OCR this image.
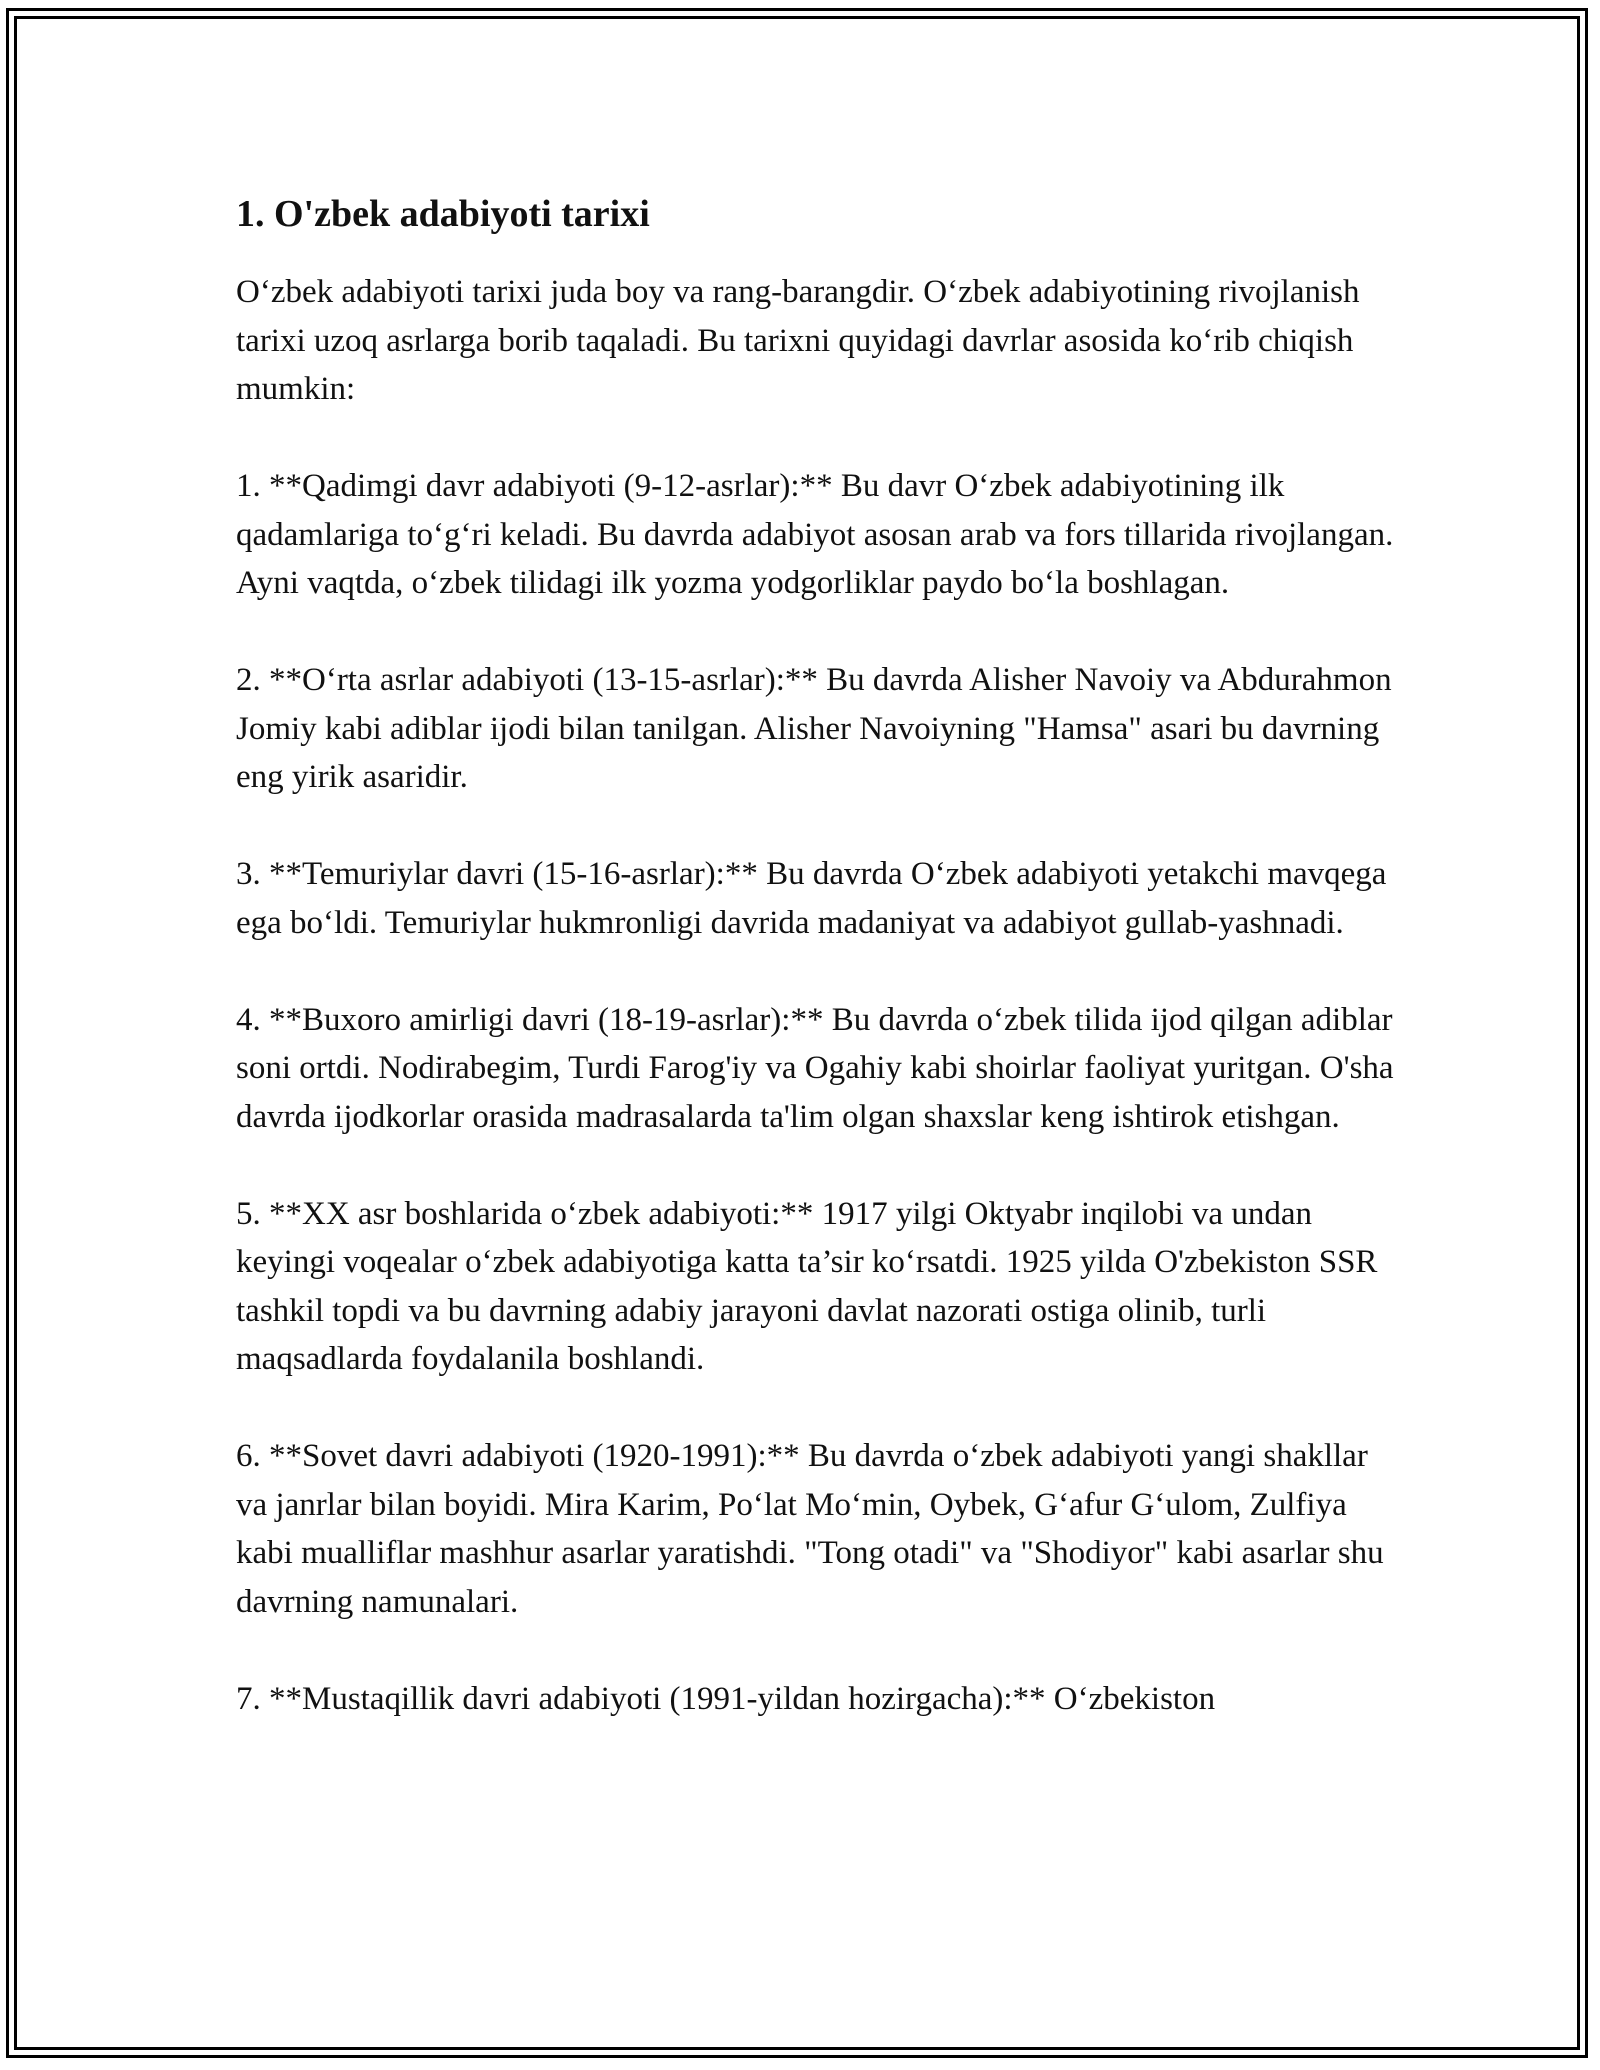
1. O'zbek adabiyoti tarixi

O‘zbek adabiyoti tarixi juda boy va rang-barangdir. O‘zbek adabiyotining rivojlanish tarixi uzoq asrlarga borib taqaladi. Bu tarixni quyidagi davrlar asosida ko‘rib chiqish mumkin:

1. **Qadimgi davr adabiyoti (9-12-asrlar):** Bu davr O‘zbek adabiyotining ilk qadamlariga to‘g‘ri keladi. Bu davrda adabiyot asosan arab va fors tillarida rivojlangan. Ayni vaqtda, o‘zbek tilidagi ilk yozma yodgorliklar paydo bo‘la boshlagan.

2. **O‘rta asrlar adabiyoti (13-15-asrlar):** Bu davrda Alisher Navoiy va Abdurahmon Jomiy kabi adiblar ijodi bilan tanilgan. Alisher Navoiyning "Hamsa" asari bu davrning eng yirik asaridir.

3. **Temuriylar davri (15-16-asrlar):** Bu davrda O‘zbek adabiyoti yetakchi mavqega ega bo‘ldi. Temuriylar hukmronligi davrida madaniyat va adabiyot gullab-yashnadi.

4. **Buxoro amirligi davri (18-19-asrlar):** Bu davrda o‘zbek tilida ijod qilgan adiblar soni ortdi. Nodirabegim, Turdi Farog'iy va Ogahiy kabi shoirlar faoliyat yuritgan. O'sha davrda ijodkorlar orasida madrasalarda ta'lim olgan shaxslar keng ishtirok etishgan.

5. **XX asr boshlarida o‘zbek adabiyoti:** 1917 yilgi Oktyabr inqilobi va undan keyingi voqealar o‘zbek adabiyotiga katta ta’sir ko‘rsatdi. 1925 yilda O'zbekiston SSR tashkil topdi va bu davrning adabiy jarayoni davlat nazorati ostiga olinib, turli maqsadlarda foydalanila boshlandi.

6. **Sovet davri adabiyoti (1920-1991):** Bu davrda o‘zbek adabiyoti yangi shakllar va janrlar bilan boyidi. Mira Karim, Po‘lat Mo‘min, Oybek, G‘afur G‘ulom, Zulfiya kabi mualliflar mashhur asarlar yaratishdi. "Tong otadi" va "Shodiyor" kabi asarlar shu davrning namunalari.

7. **Mustaqillik davri adabiyoti (1991-yildan hozirgacha):** O‘zbekiston
